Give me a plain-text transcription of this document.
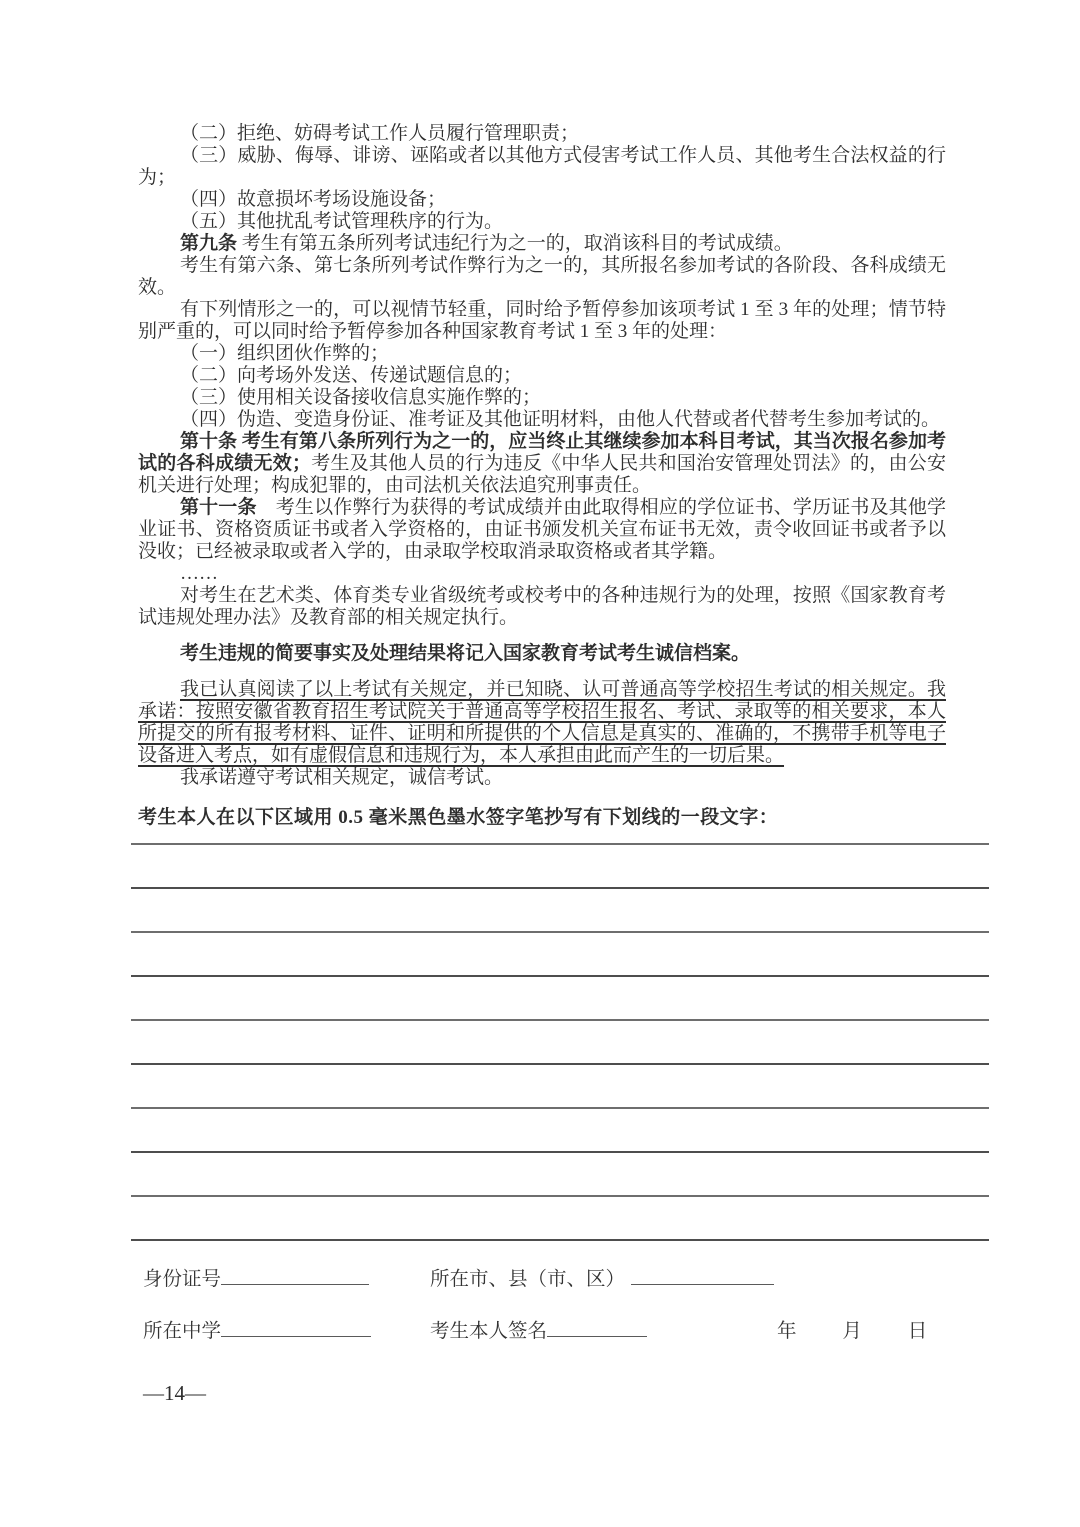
（二）拒绝、妨碍考试工作人员履行管理职责；

（三）威胁、侮辱、诽谤、诬陷或者以其他方式侵害考试工作人员、其他考生合法权益的行为；

（四）故意损坏考场设施设备；

（五）其他扰乱考试管理秩序的行为。

第九条 考生有第五条所列考试违纪行为之一的，取消该科目的考试成绩。

考生有第六条、第七条所列考试作弊行为之一的，其所报名参加考试的各阶段、各科成绩无效。

有下列情形之一的，可以视情节轻重，同时给予暂停参加该项考试 1 至 3 年的处理；情节特别严重的，可以同时给予暂停参加各种国家教育考试 1 至 3 年的处理：

（一）组织团伙作弊的；

（二）向考场外发送、传递试题信息的；

（三）使用相关设备接收信息实施作弊的；

（四）伪造、变造身份证、准考证及其他证明材料，由他人代替或者代替考生参加考试的。

第十条 考生有第八条所列行为之一的，应当终止其继续参加本科目考试，其当次报名参加考试的各科成绩无效；考生及其他人员的行为违反《中华人民共和国治安管理处罚法》的，由公安机关进行处理；构成犯罪的，由司法机关依法追究刑事责任。

第十一条　考生以作弊行为获得的考试成绩并由此取得相应的学位证书、学历证书及其他学业证书、资格资质证书或者入学资格的，由证书颁发机关宣布证书无效，责令收回证书或者予以没收；已经被录取或者入学的，由录取学校取消录取资格或者其学籍。

……

对考生在艺术类、体育类专业省级统考或校考中的各种违规行为的处理，按照《国家教育考试违规处理办法》及教育部的相关规定执行。

考生违规的简要事实及处理结果将记入国家教育考试考生诚信档案。

我已认真阅读了以上考试有关规定，并已知晓、认可普通高等学校招生考试的相关规定。我承诺：按照安徽省教育招生考试院关于普通高等学校招生报名、考试、录取等的相关要求，本人所提交的所有报考材料、证件、证明和所提供的个人信息是真实的、准确的，不携带手机等电子设备进入考点，如有虚假信息和违规行为，本人承担由此而产生的一切后果。

我承诺遵守考试相关规定，诚信考试。

考生本人在以下区域用 0.5 毫米黑色墨水签字笔抄写有下划线的一段文字：

身份证号	所在市、县（市、区）
所在中学	考生本人签名	年 月 日
—14—
